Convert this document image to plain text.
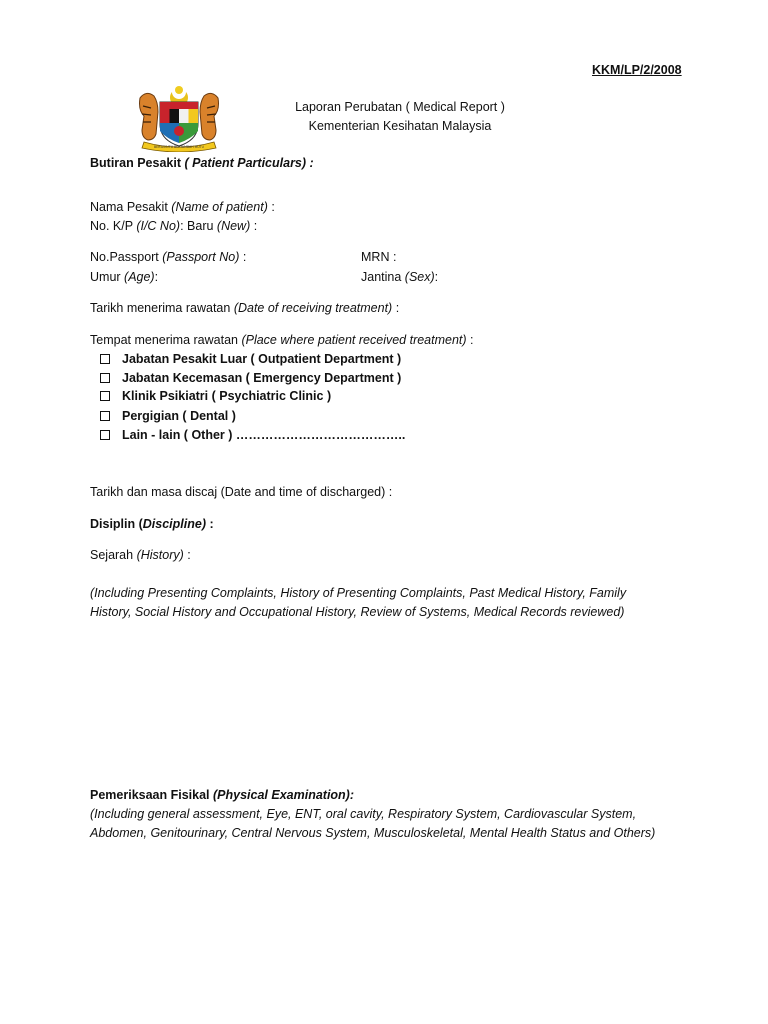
KKM/LP/2/2008
BERSEKUTU BERTAMBAH MUTU
Laporan Perubatan ( Medical Report )
Kementerian Kesihatan Malaysia
Butiran Pesakit ( Patient Particulars) :
Nama Pesakit (Name of patient) :
No. K/P (I/C No): Baru (New) :
No.Passport (Passport No) :	MRN :
Umur (Age):	Jantina (Sex):
Tarikh menerima rawatan (Date of receiving treatment) :
Tempat menerima rawatan (Place where patient received treatment) :
Jabatan Pesakit Luar ( Outpatient Department )
Jabatan Kecemasan ( Emergency Department )
Klinik Psikiatri ( Psychiatric Clinic )
Pergigian ( Dental )
Lain - lain ( Other ) …………………………………..
Tarikh dan masa discaj (Date and time of discharged) :
Disiplin (Discipline) :
Sejarah (History) :
(Including Presenting Complaints, History of Presenting Complaints, Past Medical History, Family
History, Social History and Occupational History, Review of Systems, Medical Records reviewed)
Pemeriksaan Fisikal (Physical Examination):
(Including general assessment, Eye, ENT, oral cavity, Respiratory System, Cardiovascular System,
Abdomen, Genitourinary, Central Nervous System, Musculoskeletal, Mental Health Status and Others)
